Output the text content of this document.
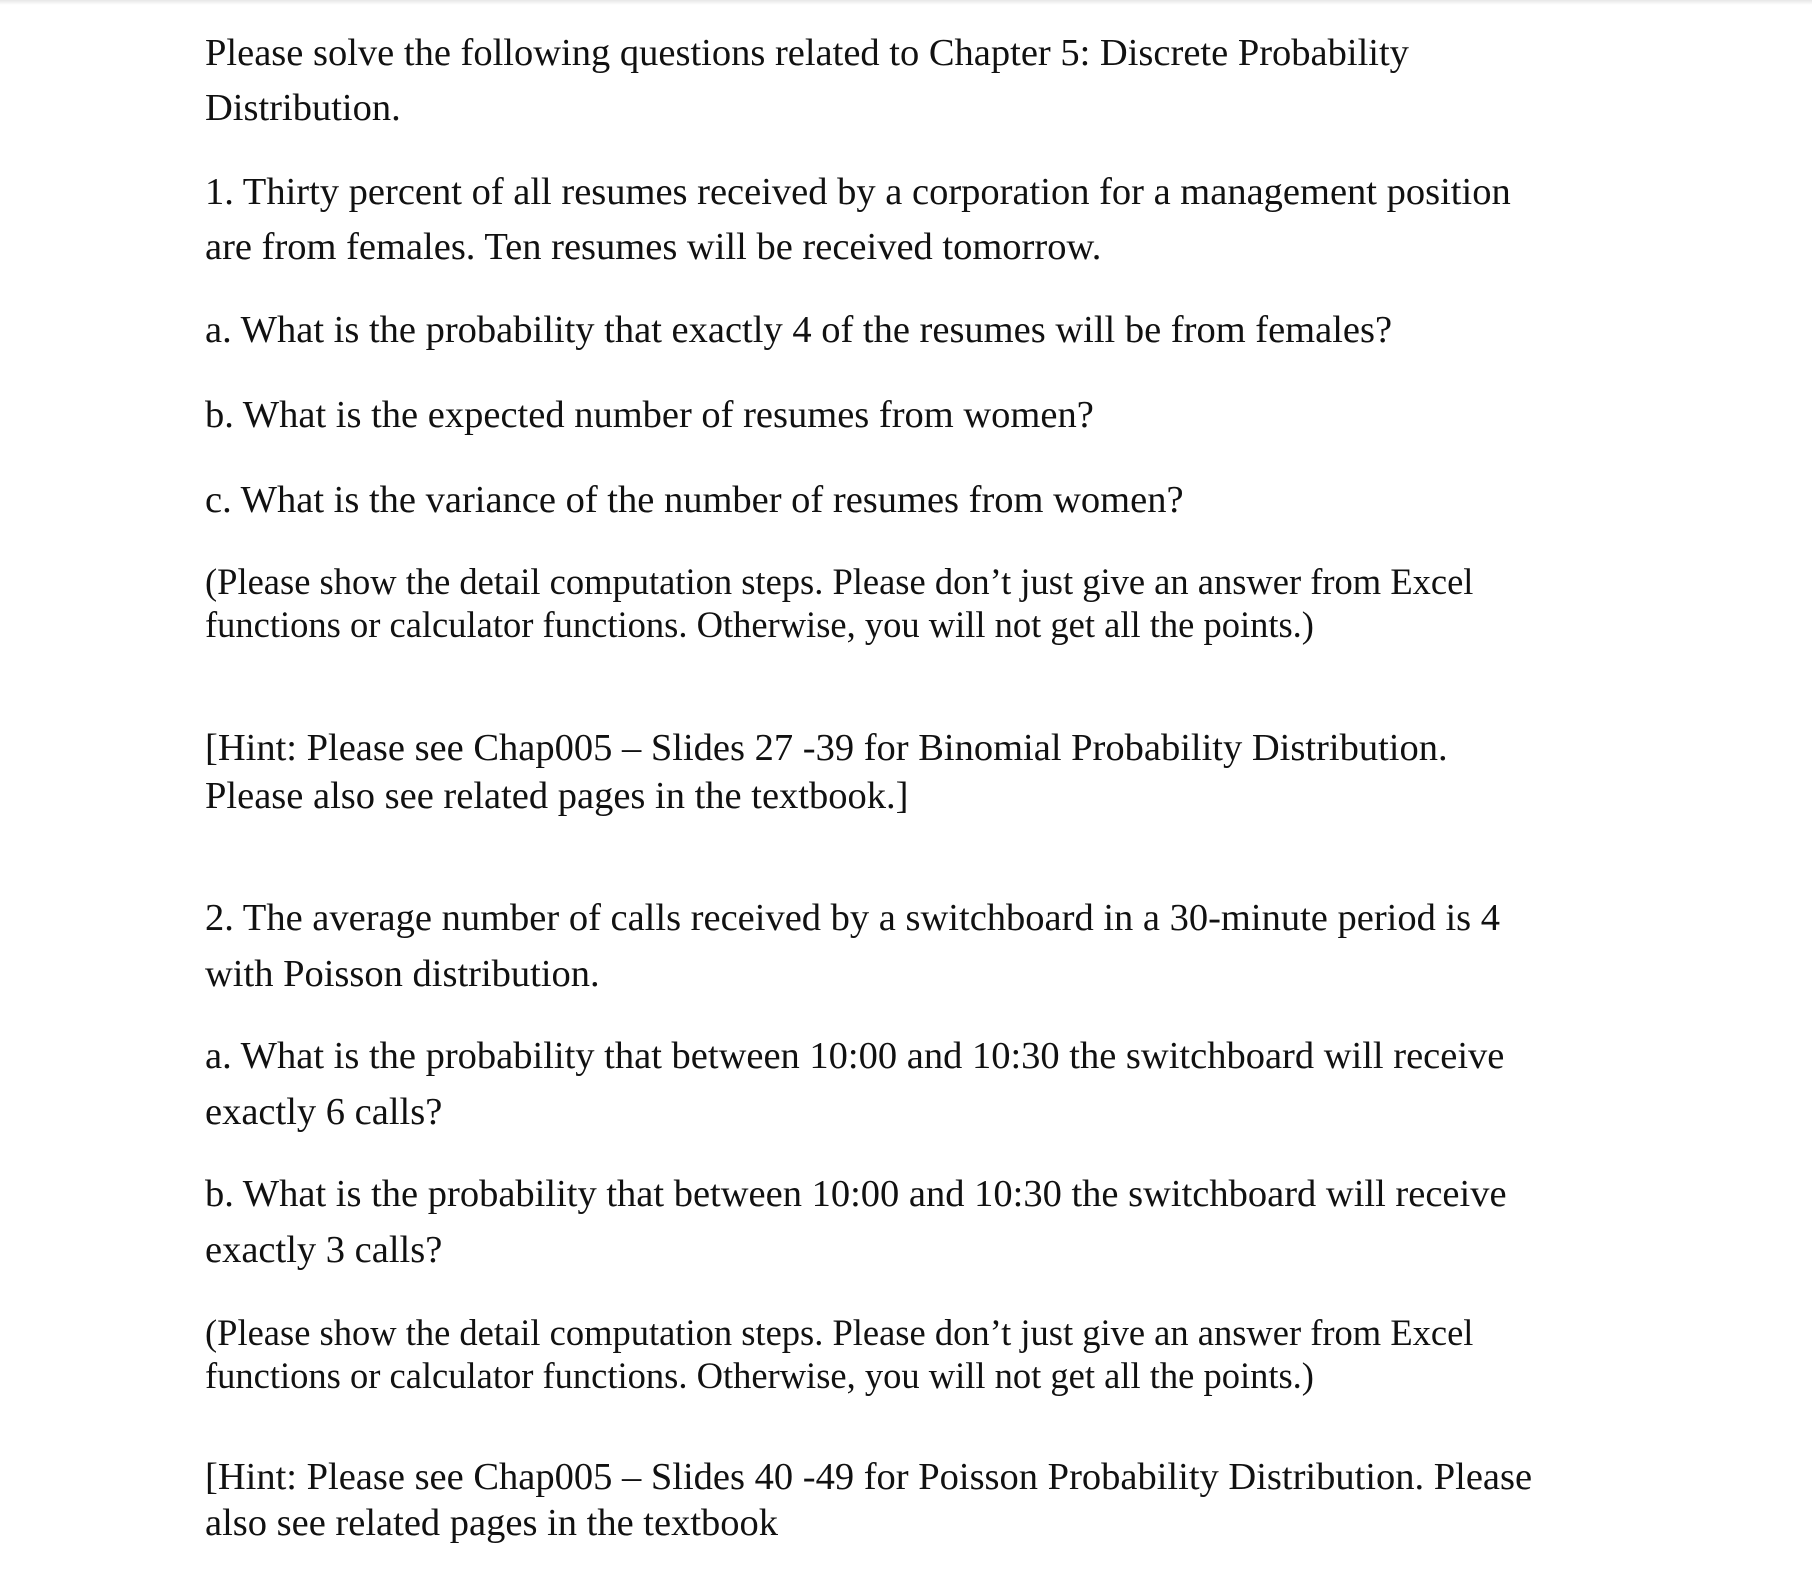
Please solve the following questions related to Chapter 5: Discrete Probability
Distribution.
1. Thirty percent of all resumes received by a corporation for a management position
are from females. Ten resumes will be received tomorrow.
a. What is the probability that exactly 4 of the resumes will be from females?
b. What is the expected number of resumes from women?
c. What is the variance of the number of resumes from women?
(Please show the detail computation steps. Please don’t just give an answer from Excel
functions or calculator functions. Otherwise, you will not get all the points.)
[Hint: Please see Chap005 – Slides 27 -39 for Binomial Probability Distribution.
Please also see related pages in the textbook.]
2. The average number of calls received by a switchboard in a 30-minute period is 4
with Poisson distribution.
a. What is the probability that between 10:00 and 10:30 the switchboard will receive
exactly 6 calls?
b. What is the probability that between 10:00 and 10:30 the switchboard will receive
exactly 3 calls?
(Please show the detail computation steps. Please don’t just give an answer from Excel
functions or calculator functions. Otherwise, you will not get all the points.)
[Hint: Please see Chap005 – Slides 40 -49 for Poisson Probability Distribution. Please
also see related pages in the textbook
